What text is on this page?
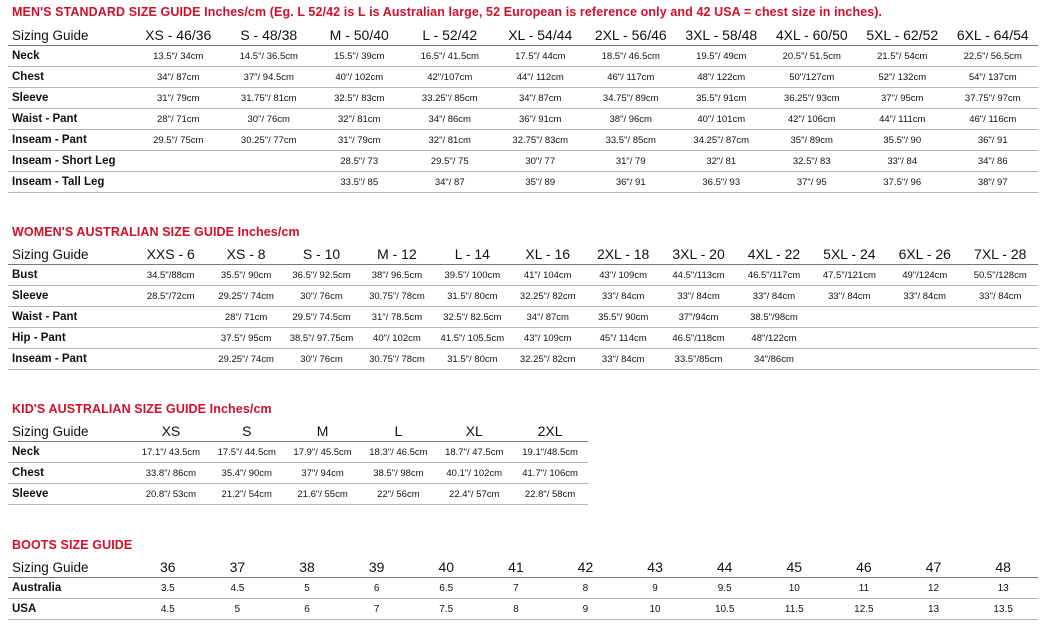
MEN'S STANDARD SIZE GUIDE Inches/cm (Eg. L 52/42 is L is Australian large, 52 European is reference only and 42 USA = chest size in inches).
Sizing Guide	XS - 46/36	S - 48/38	M - 50/40	L - 52/42	XL - 54/44	2XL - 56/46	3XL - 58/48	4XL - 60/50	5XL - 62/52	6XL - 64/54
Neck	13.5"/ 34cm	14.5"/ 36.5cm	15.5"/ 39cm	16.5"/ 41.5cm	17.5"/ 44cm	18.5"/ 46.5cm	19.5"/ 49cm	20.5"/ 51.5cm	21.5"/ 54cm	22.5"/ 56.5cm
Chest	34"/ 87cm	37"/ 94.5cm	40"/ 102cm	42"/107cm	44"/ 112cm	46"/ 117cm	48"/ 122cm	50"/127cm	52"/ 132cm	54"/ 137cm
Sleeve	31"/ 79cm	31.75"/ 81cm	32.5"/ 83cm	33.25"/ 85cm	34"/ 87cm	34.75"/ 89cm	35.5"/ 91cm	36.25"/ 93cm	37"/ 95cm	37.75"/ 97cm
Waist - Pant	28"/ 71cm	30"/ 76cm	32"/ 81cm	34"/ 86cm	36"/ 91cm	38"/ 96cm	40"/ 101cm	42"/ 106cm	44"/ 111cm	46"/ 116cm
Inseam - Pant	29.5"/ 75cm	30.25"/ 77cm	31"/ 79cm	32"/ 81cm	32.75"/ 83cm	33.5"/ 85cm	34.25"/ 87cm	35"/ 89cm	35.5"/ 90	36"/ 91
Inseam - Short Leg			28.5"/ 73	29.5"/ 75	30"/ 77	31"/ 79	32"/ 81	32.5"/ 83	33"/ 84	34"/ 86
Inseam - Tall Leg			33.5"/ 85	34"/ 87	35"/ 89	36"/ 91	36.5"/ 93	37"/ 95	37.5"/ 96	38"/ 97
WOMEN'S AUSTRALIAN SIZE GUIDE Inches/cm
Sizing Guide	XXS - 6	XS - 8	S - 10	M - 12	L - 14	XL - 16	2XL - 18	3XL - 20	4XL - 22	5XL - 24	6XL - 26	7XL - 28
Bust	34.5"/88cm	35.5"/ 90cm	36.5"/ 92.5cm	38"/ 96.5cm	39.5"/ 100cm	41"/ 104cm	43"/ 109cm	44.5"/113cm	46.5"/117cm	47.5"/121cm	49"/124cm	50.5"/128cm
Sleeve	28.5"/72cm	29.25"/ 74cm	30"/ 76cm	30.75"/ 78cm	31.5"/ 80cm	32.25"/ 82cm	33"/ 84cm	33"/ 84cm	33"/ 84cm	33"/ 84cm	33"/ 84cm	33"/ 84cm
Waist - Pant		28"/ 71cm	29.5"/ 74.5cm	31"/ 78.5cm	32.5"/ 82.5cm	34"/ 87cm	35.5"/ 90cm	37"/94cm	38.5"/98cm			
Hip - Pant		37.5"/ 95cm	38.5"/ 97.75cm	40"/ 102cm	41.5"/ 105.5cm	43"/ 109cm	45"/ 114cm	46.5"/118cm	48"/122cm			
Inseam - Pant		29.25"/ 74cm	30"/ 76cm	30.75"/ 78cm	31.5"/ 80cm	32.25"/ 82cm	33"/ 84cm	33.5"/85cm	34"/86cm			
KID'S AUSTRALIAN SIZE GUIDE Inches/cm
Sizing Guide	XS	S	M	L	XL	2XL
Neck	17.1"/ 43.5cm	17.5"/ 44.5cm	17.9"/ 45.5cm	18.3"/ 46.5cm	18.7"/ 47.5cm	19.1"/48.5cm
Chest	33.8"/ 86cm	35.4"/ 90cm	37"/ 94cm	38.5"/ 98cm	40.1"/ 102cm	41.7"/ 106cm
Sleeve	20.8"/ 53cm	21.2"/ 54cm	21.6"/ 55cm	22"/ 56cm	22.4"/ 57cm	22.8"/ 58cm
BOOTS SIZE GUIDE
Sizing Guide	36	37	38	39	40	41	42	43	44	45	46	47	48
Australia	3.5	4.5	5	6	6.5	7	8	9	9.5	10	11	12	13
USA	4.5	5	6	7	7.5	8	9	10	10.5	11.5	12.5	13	13.5
